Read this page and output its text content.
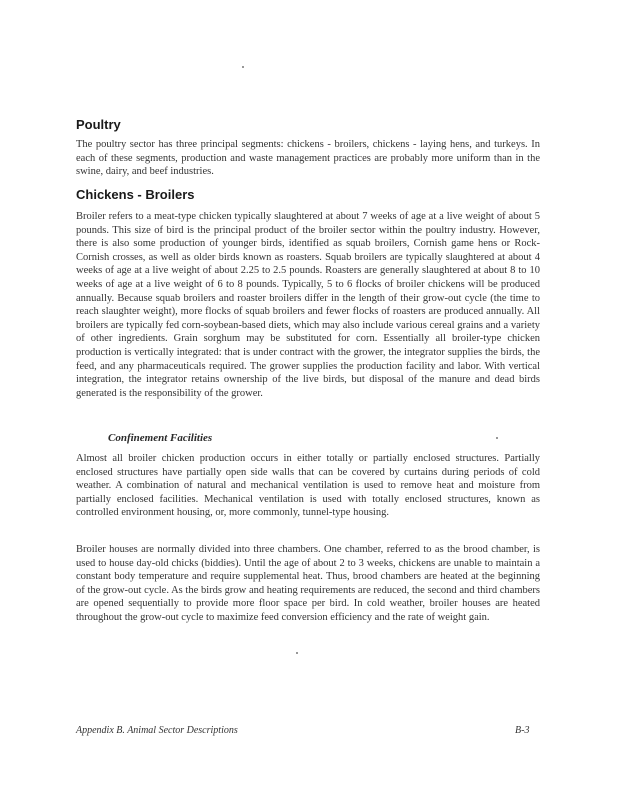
Poultry

The poultry sector has three principal segments: chickens - broilers, chickens - laying hens, and turkeys. In each of these segments, production and waste management practices are probably more uniform than in the swine, dairy, and beef industries.

Chickens - Broilers

Broiler refers to a meat-type chicken typically slaughtered at about 7 weeks of age at a live weight of about 5 pounds. This size of bird is the principal product of the broiler sector within the poultry industry. However, there is also some production of younger birds, identified as squab broilers, Cornish game hens or Rock-Cornish crosses, as well as older birds known as roasters. Squab broilers are typically slaughtered at about 4 weeks of age at a live weight of about 2.25 to 2.5 pounds. Roasters are generally slaughtered at about 8 to 10 weeks of age at a live weight of 6 to 8 pounds. Typically, 5 to 6 flocks of broiler chickens will be produced annually. Because squab broilers and roaster broilers differ in the length of their grow-out cycle (the time to reach slaughter weight), more flocks of squab broilers and fewer flocks of roasters are produced annually. All broilers are typically fed corn-soybean-based diets, which may also include various cereal grains and a variety of other ingredients. Grain sorghum may be substituted for corn. Essentially all broiler-type chicken production is vertically integrated: that is under contract with the grower, the integrator supplies the birds, the feed, and any pharmaceuticals required. The grower supplies the production facility and labor. With vertical integration, the integrator retains ownership of the live birds, but disposal of the manure and dead birds generated is the responsibility of the grower.

Confinement Facilities

Almost all broiler chicken production occurs in either totally or partially enclosed structures. Partially enclosed structures have partially open side walls that can be covered by curtains during periods of cold weather. A combination of natural and mechanical ventilation is used to remove heat and moisture from partially enclosed facilities. Mechanical ventilation is used with totally enclosed structures, known as controlled environment housing, or, more commonly, tunnel-type housing.

Broiler houses are normally divided into three chambers. One chamber, referred to as the brood chamber, is used to house day-old chicks (biddies). Until the age of about 2 to 3 weeks, chickens are unable to maintain a constant body temperature and require supplemental heat. Thus, brood chambers are heated at the beginning of the grow-out cycle. As the birds grow and heating requirements are reduced, the second and third chambers are opened sequentially to provide more floor space per bird. In cold weather, broiler houses are heated throughout the grow-out cycle to maximize feed conversion efficiency and the rate of weight gain.

Appendix B. Animal Sector Descriptions	B-3
